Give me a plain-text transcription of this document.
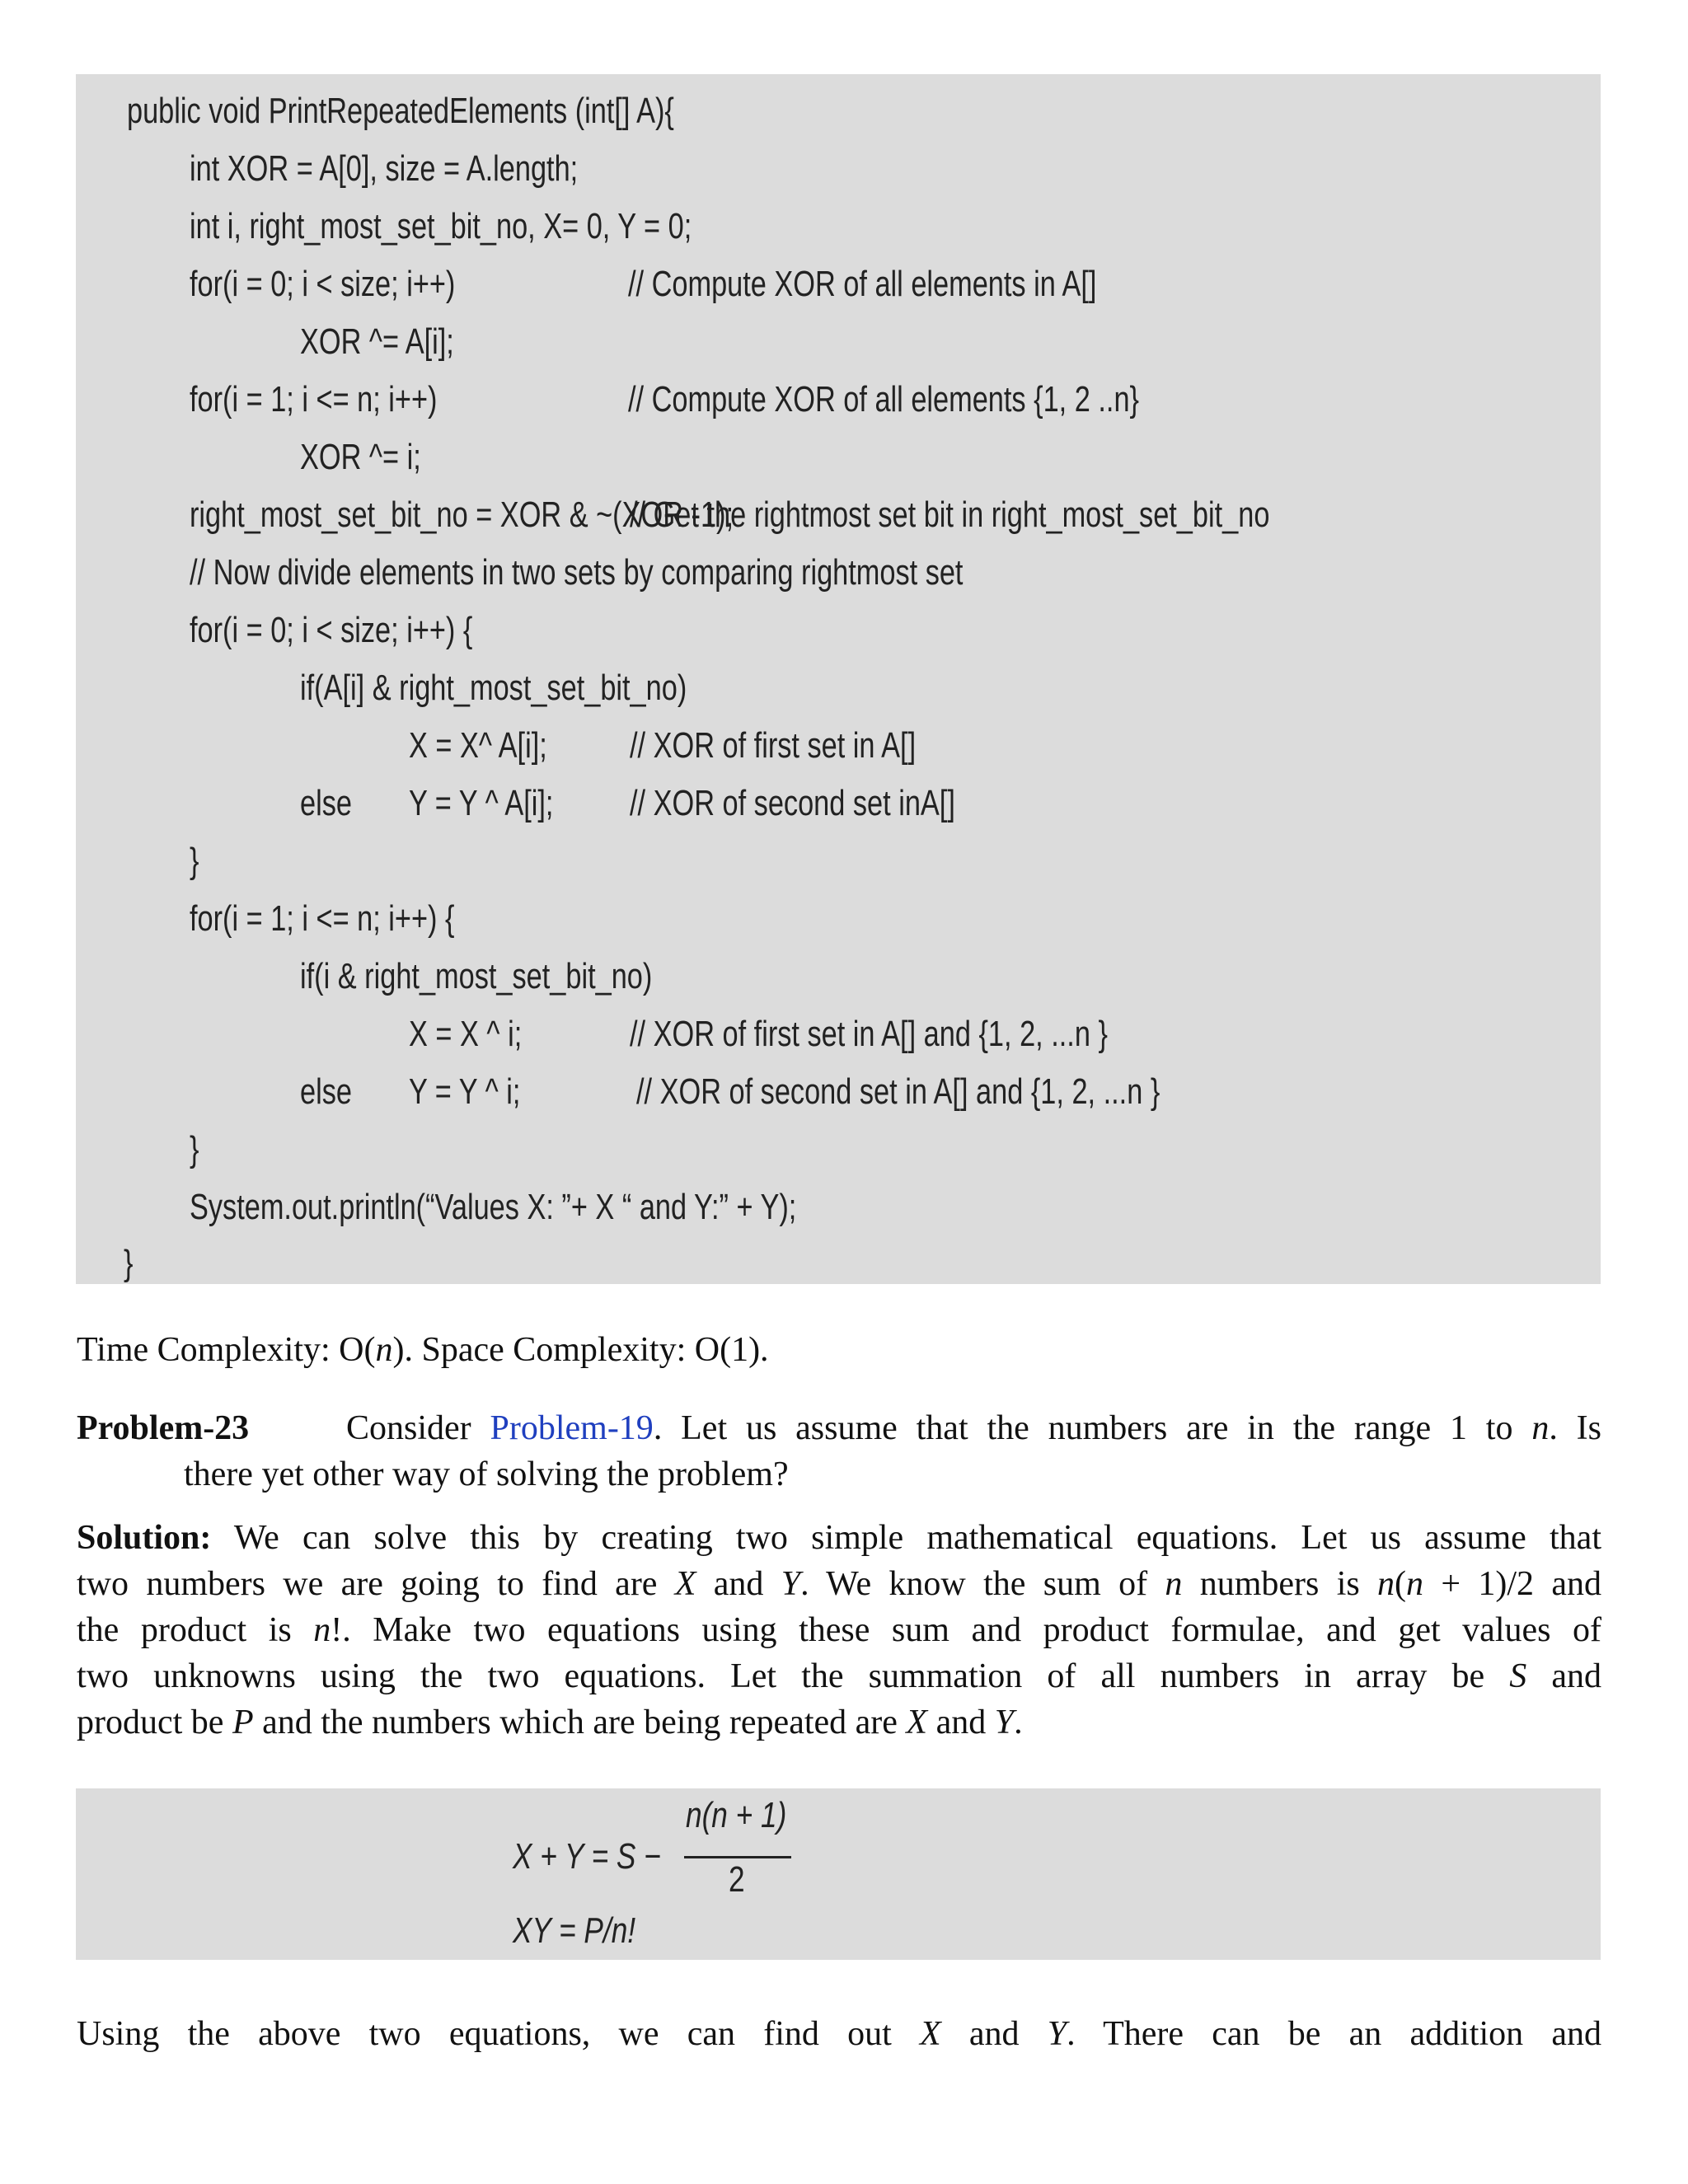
public void PrintRepeatedElements (int[] A){
int XOR = A[0], size = A.length;
int i, right_most_set_bit_no, X= 0, Y = 0;
for(i = 0; i < size; i++)	// Compute XOR of all elements in A[]
XOR ^= A[i];
for(i = 1; i <= n; i++)	// Compute XOR of all elements {1, 2 ..n}
XOR ^= i;
right_most_set_bit_no = XOR & ~(XOR -1);
// Get the rightmost set bit in right_most_set_bit_no
// Now divide elements in two sets by comparing rightmost set
for(i = 0; i < size; i++) {
if(A[i] & right_most_set_bit_no)
X = X^ A[i]; // XOR of first set in A[]
else Y = Y ^ A[i]; // XOR of second set inA[]
}
for(i = 1; i <= n; i++) {
if(i & right_most_set_bit_no)
X = X ^ i;	// XOR of first set in A[] and {1, 2, ...n }
else Y = Y ^ i;	// XOR of second set in A[] and {1, 2, ...n }
}
System.out.println(“Values X: ”+ X “ and Y:” + Y);
}
Time Complexity: O(n). Space Complexity: O(1).
Problem-23	Consider Problem-19. Let us assume that the numbers are in the range 1 to n. Is
there yet other way of solving the problem?
Solution: We can solve this by creating two simple mathematical equations. Let us assume that
two numbers we are going to find are X and Y. We know the sum of n numbers is n(n + 1)/2 and
the product is n!. Make two equations using these sum and product formulae, and get values of
two unknowns using the two equations. Let the summation of all numbers in array be S and
product be P and the numbers which are being repeated are X and Y.
X + Y = S −
n(n + 1)
2
XY = P/n!
Using the above two equations, we can find out X and Y. There can be an addition and
